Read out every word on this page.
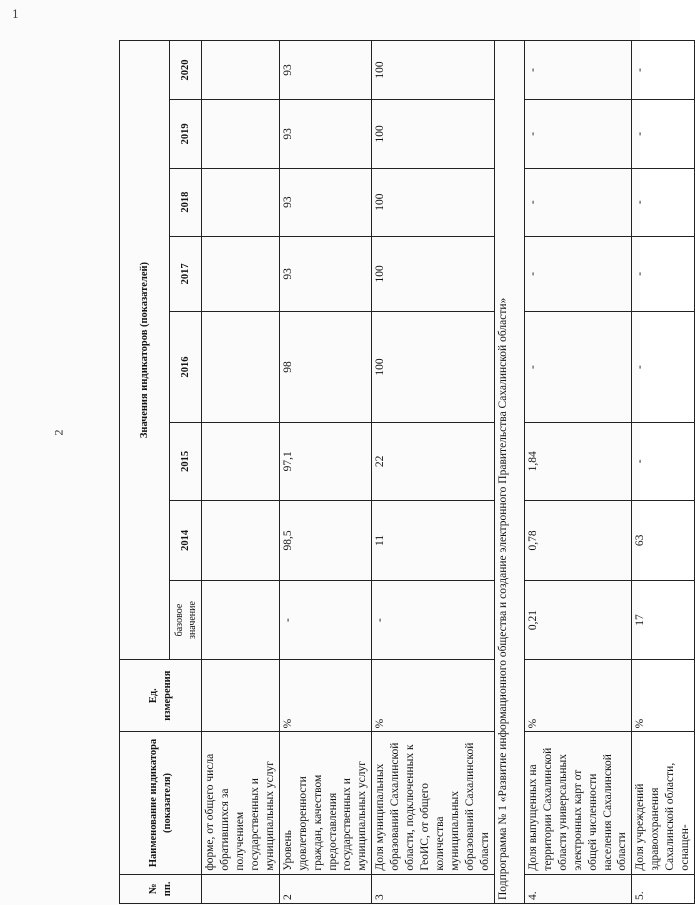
1
2
№ пп.	Наименование индикатора (показателя)	Ед. измерения	Значения индикаторов (показателей)							
			базовое значение	2014	2015	2016	2017	2018	2019	2020
	форме, от общего числа обратившихся за получением государственных и муниципальных услуг									
2	Уровень удовлетворенности граждан, качеством предоставления государственных и муниципальных услуг	%	-	98,5	97,1	98	93	93	93	93
3	Доля муниципальных образований Сахалинской области, подключенных к ГеоИС, от общего количества муниципальных образований Сахалинской области	%	-	11	22	100	100	100	100	100
Подпрограмма № 1 «Развитие информационного общества и создание электронного Правительства Сахалинской области»										
4.	Доля выпущенных на территории Сахалинской области универсальных электронных карт от общей численности населения Сахалинской области	%	0,21	0,78	1,84	-	-	-	-	-
5.	Доля учреждений здравоохранения Сахалинской области, оснащен-	%	17	63	-	-	-	-	-	-
